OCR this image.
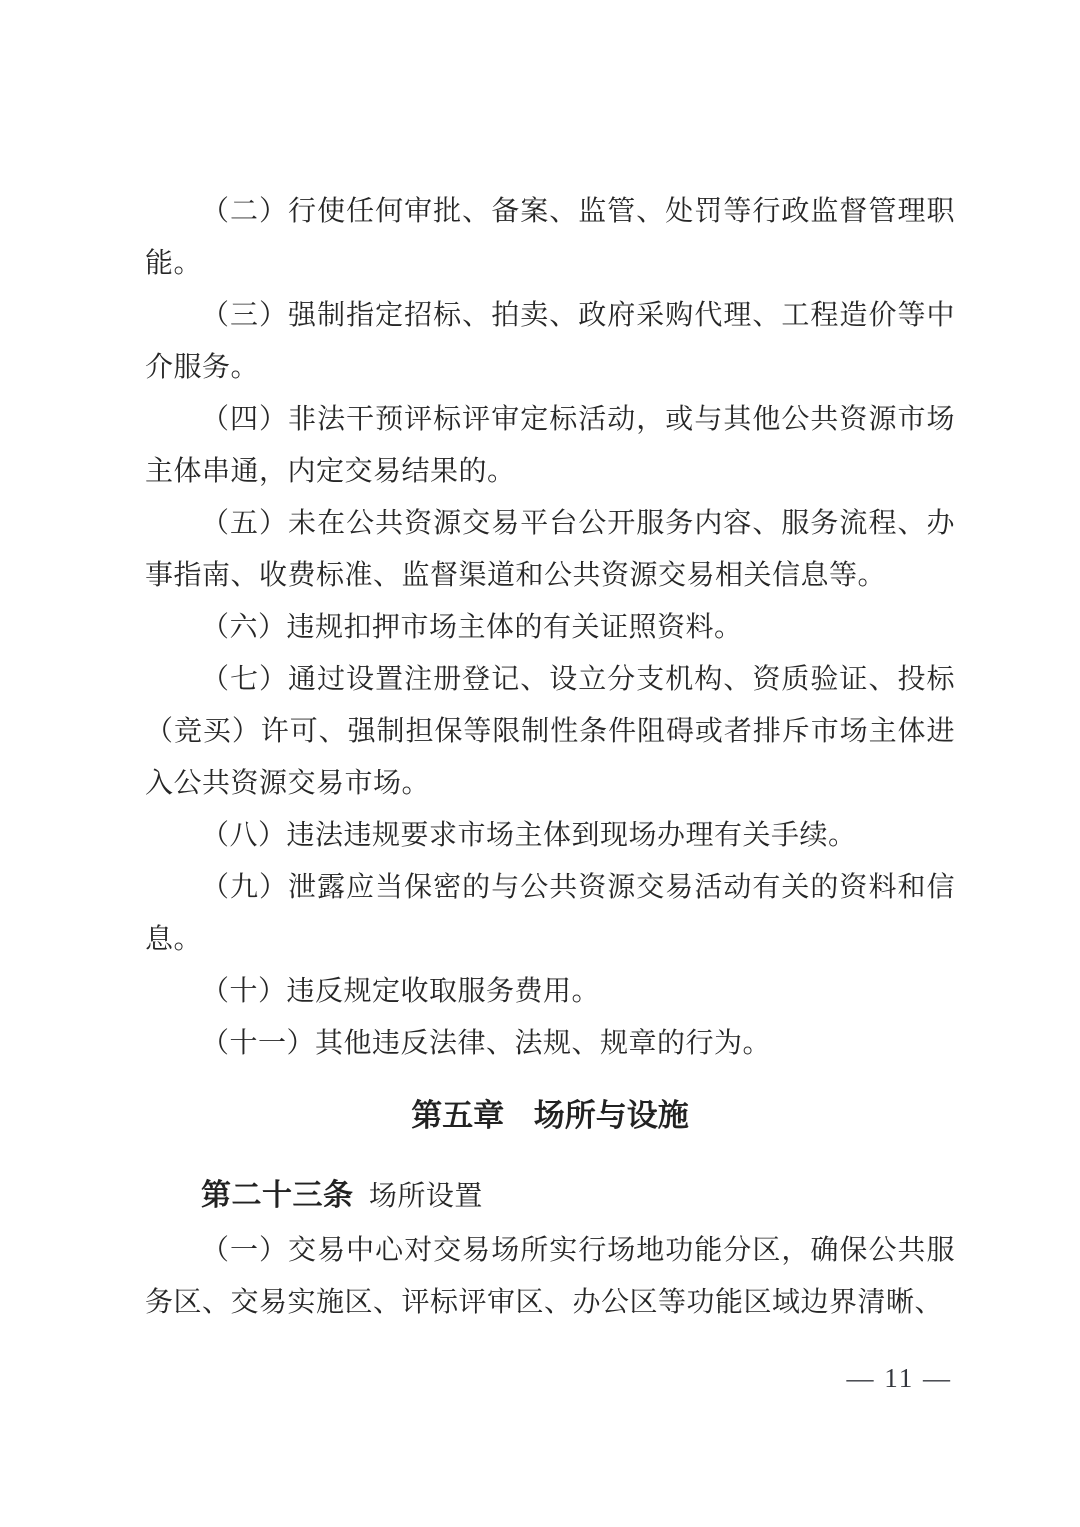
（二）行使任何审批、备案、监管、处罚等行政监督管理职能。

（三）强制指定招标、拍卖、政府采购代理、工程造价等中介服务。

（四）非法干预评标评审定标活动，或与其他公共资源市场主体串通，内定交易结果的。

（五）未在公共资源交易平台公开服务内容、服务流程、办事指南、收费标准、监督渠道和公共资源交易相关信息等。

（六）违规扣押市场主体的有关证照资料。

（七）通过设置注册登记、设立分支机构、资质验证、投标（竞买）许可、强制担保等限制性条件阻碍或者排斥市场主体进入公共资源交易市场。

（八）违法违规要求市场主体到现场办理有关手续。

（九）泄露应当保密的与公共资源交易活动有关的资料和信息。

（十）违反规定收取服务费用。

（十一）其他违反法律、法规、规章的行为。

第五章 场所与设施

第二十三条 场所设置

（一）交易中心对交易场所实行场地功能分区，确保公共服务区、交易实施区、评标评审区、办公区等功能区域边界清晰、

— 11 —
